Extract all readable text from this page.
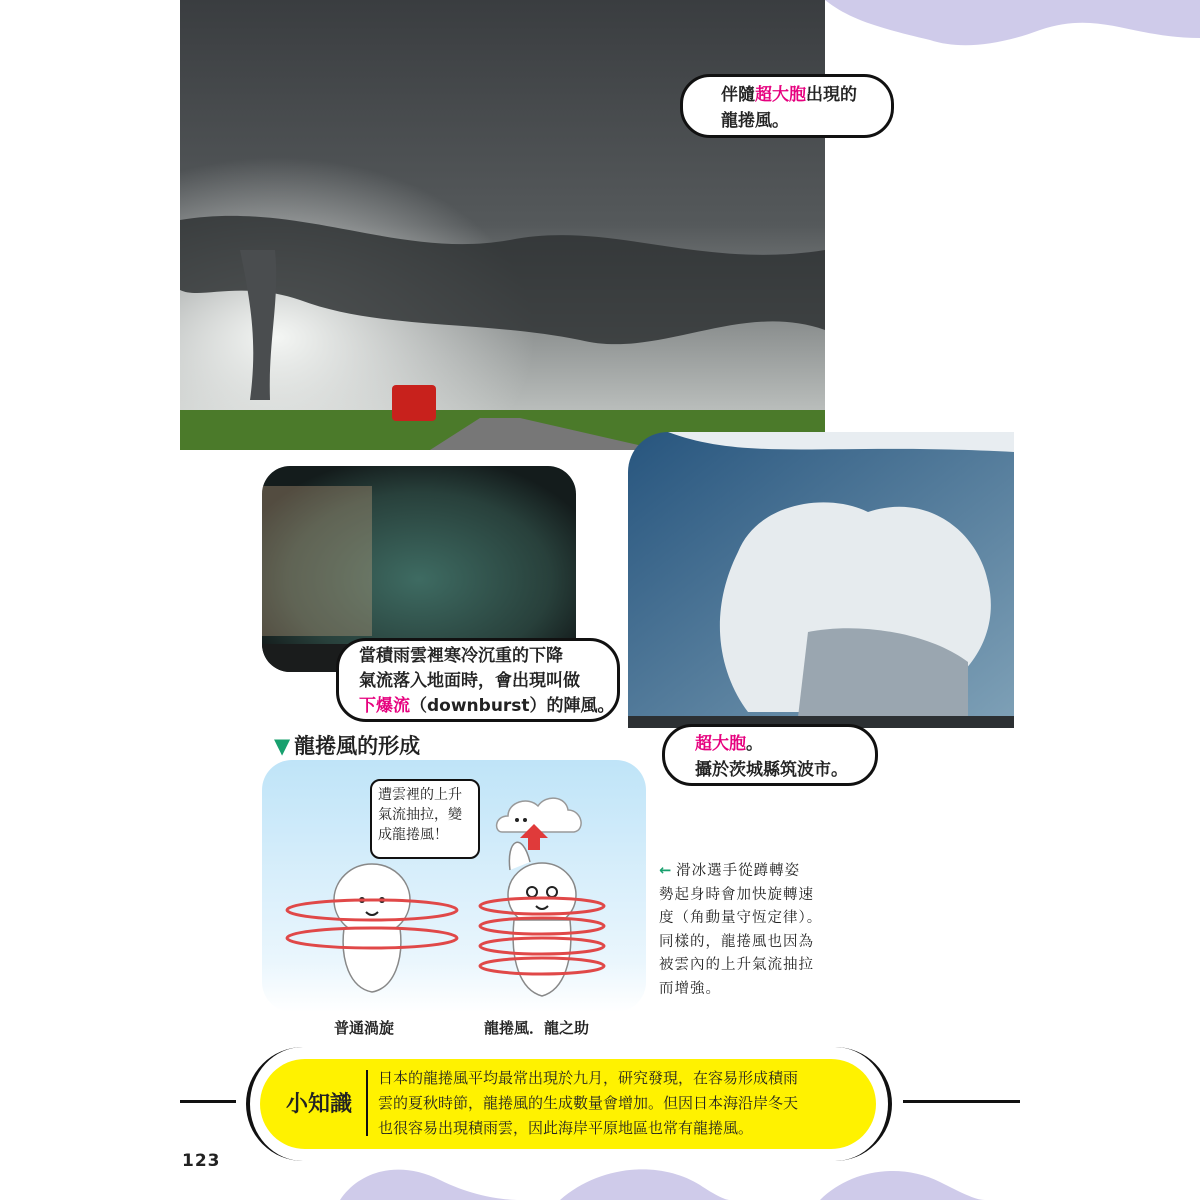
伴隨超大胞出現的
龍捲風。
當積雨雲裡寒冷沉重的下降
氣流落入地面時，會出現叫做
下爆流（downburst）的陣風。
超大胞。
攝於茨城縣筑波市。
▼ 龍捲風的形成
遭雲裡的上升
氣流抽拉，變
成龍捲風！
普通渦旋	龍捲風．龍之助
← 滑冰選手從蹲轉姿
勢起身時會加快旋轉速
度（角動量守恆定律）。
同樣的，龍捲風也因為
被雲內的上升氣流抽拉
而增強。
小知識
日本的龍捲風平均最常出現於九月，研究發現，在容易形成積雨
雲的夏秋時節，龍捲風的生成數量會增加。但因日本海沿岸冬天
也很容易出現積雨雲，因此海岸平原地區也常有龍捲風。
123
